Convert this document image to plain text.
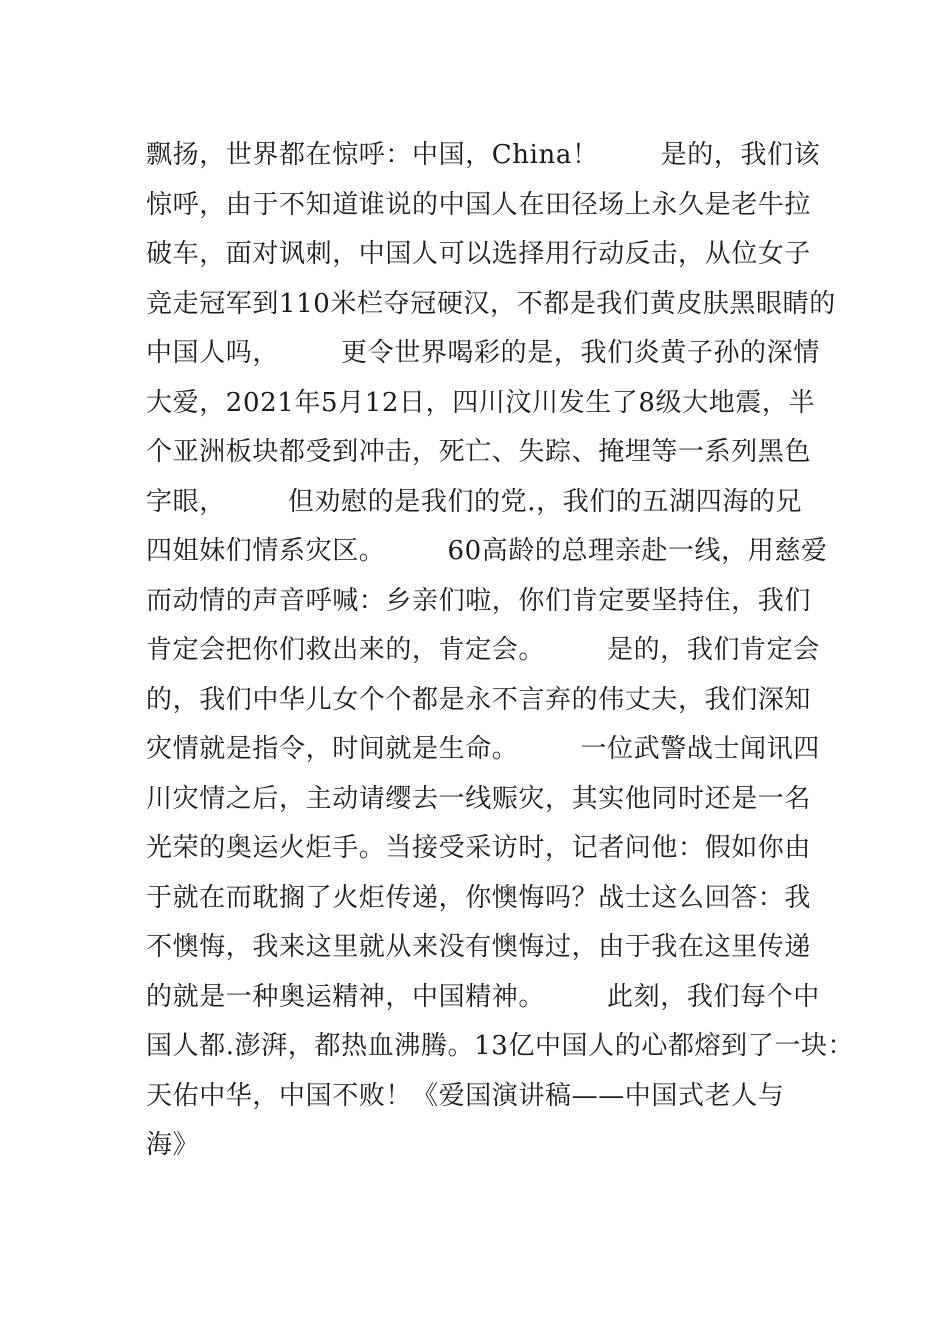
飘扬，世界都在惊呼：中国，China！       是的，我们该
惊呼，由于不知道谁说的中国人在田径场上永久是老牛拉
破车，面对讽刺，中国人可以选择用行动反击，从位女子
竞走冠军到110米栏夺冠硬汉，不都是我们黄皮肤黑眼睛的
中国人吗，       更令世界喝彩的是，我们炎黄子孙的深情
大爱，2021年5月12日，四川汶川发生了8级大地震，半
个亚洲板块都受到冲击，死亡、失踪、掩埋等一系列黑色
字眼，       但劝慰的是我们的党.，我们的五湖四海的兄
四姐妹们情系灾区。       60高龄的总理亲赴一线，用慈爱
而动情的声音呼喊：乡亲们啦，你们肯定要坚持住，我们
肯定会把你们救出来的，肯定会。       是的，我们肯定会
的，我们中华儿女个个都是永不言弃的伟丈夫，我们深知
灾情就是指令，时间就是生命。       一位武警战士闻讯四
川灾情之后，主动请缨去一线赈灾，其实他同时还是一名
光荣的奥运火炬手。当接受采访时，记者问他：假如你由
于就在而耽搁了火炬传递，你懊悔吗？战士这么回答：我
不懊悔，我来这里就从来没有懊悔过，由于我在这里传递
的就是一种奥运精神，中国精神。       此刻，我们每个中
国人都.澎湃，都热血沸腾。13亿中国人的心都熔到了一块：
天佑中华，中国不败！《爱国演讲稿——中国式老人与
海》
